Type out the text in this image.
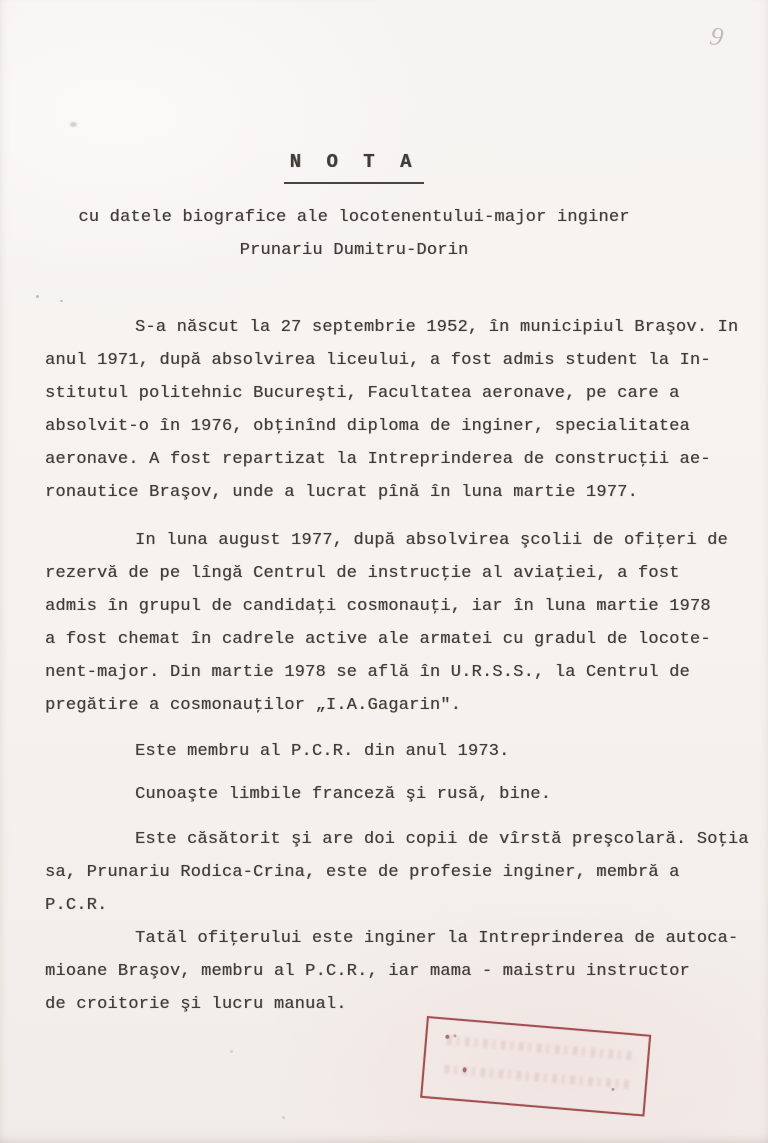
9
N O T A
cu datele biografice ale locotenentului-major inginer
Prunariu Dumitru-Dorin
S-a născut la 27 septembrie 1952, în municipiul Braşov. In
anul 1971, după absolvirea liceului, a fost admis student la In-
stitutul politehnic Bucureşti, Facultatea aeronave, pe care a
absolvit-o în 1976, obţinînd diploma de inginer, specialitatea
aeronave. A fost repartizat la Intreprinderea de construcţii ae-
ronautice Braşov, unde a lucrat pînă în luna martie 1977.
In luna august 1977, după absolvirea şcolii de ofiţeri de
rezervă de pe lîngă Centrul de instrucţie al aviaţiei, a fost
admis în grupul de candidaţi cosmonauţi, iar în luna martie 1978
a fost chemat în cadrele active ale armatei cu gradul de locote-
nent-major. Din martie 1978 se află în U.R.S.S., la Centrul de
pregătire a cosmonauţilor „I.A.Gagarin".
Este membru al P.C.R. din anul 1973.
Cunoaşte limbile franceză şi rusă, bine.
Este căsătorit şi are doi copii de vîrstă preşcolară. Soţia
sa, Prunariu Rodica-Crina, este de profesie inginer, membră a
P.C.R.
Tatăl ofiţerului este inginer la Intreprinderea de autoca-
mioane Braşov, membru al P.C.R., iar mama - maistru instructor
de croitorie şi lucru manual.
